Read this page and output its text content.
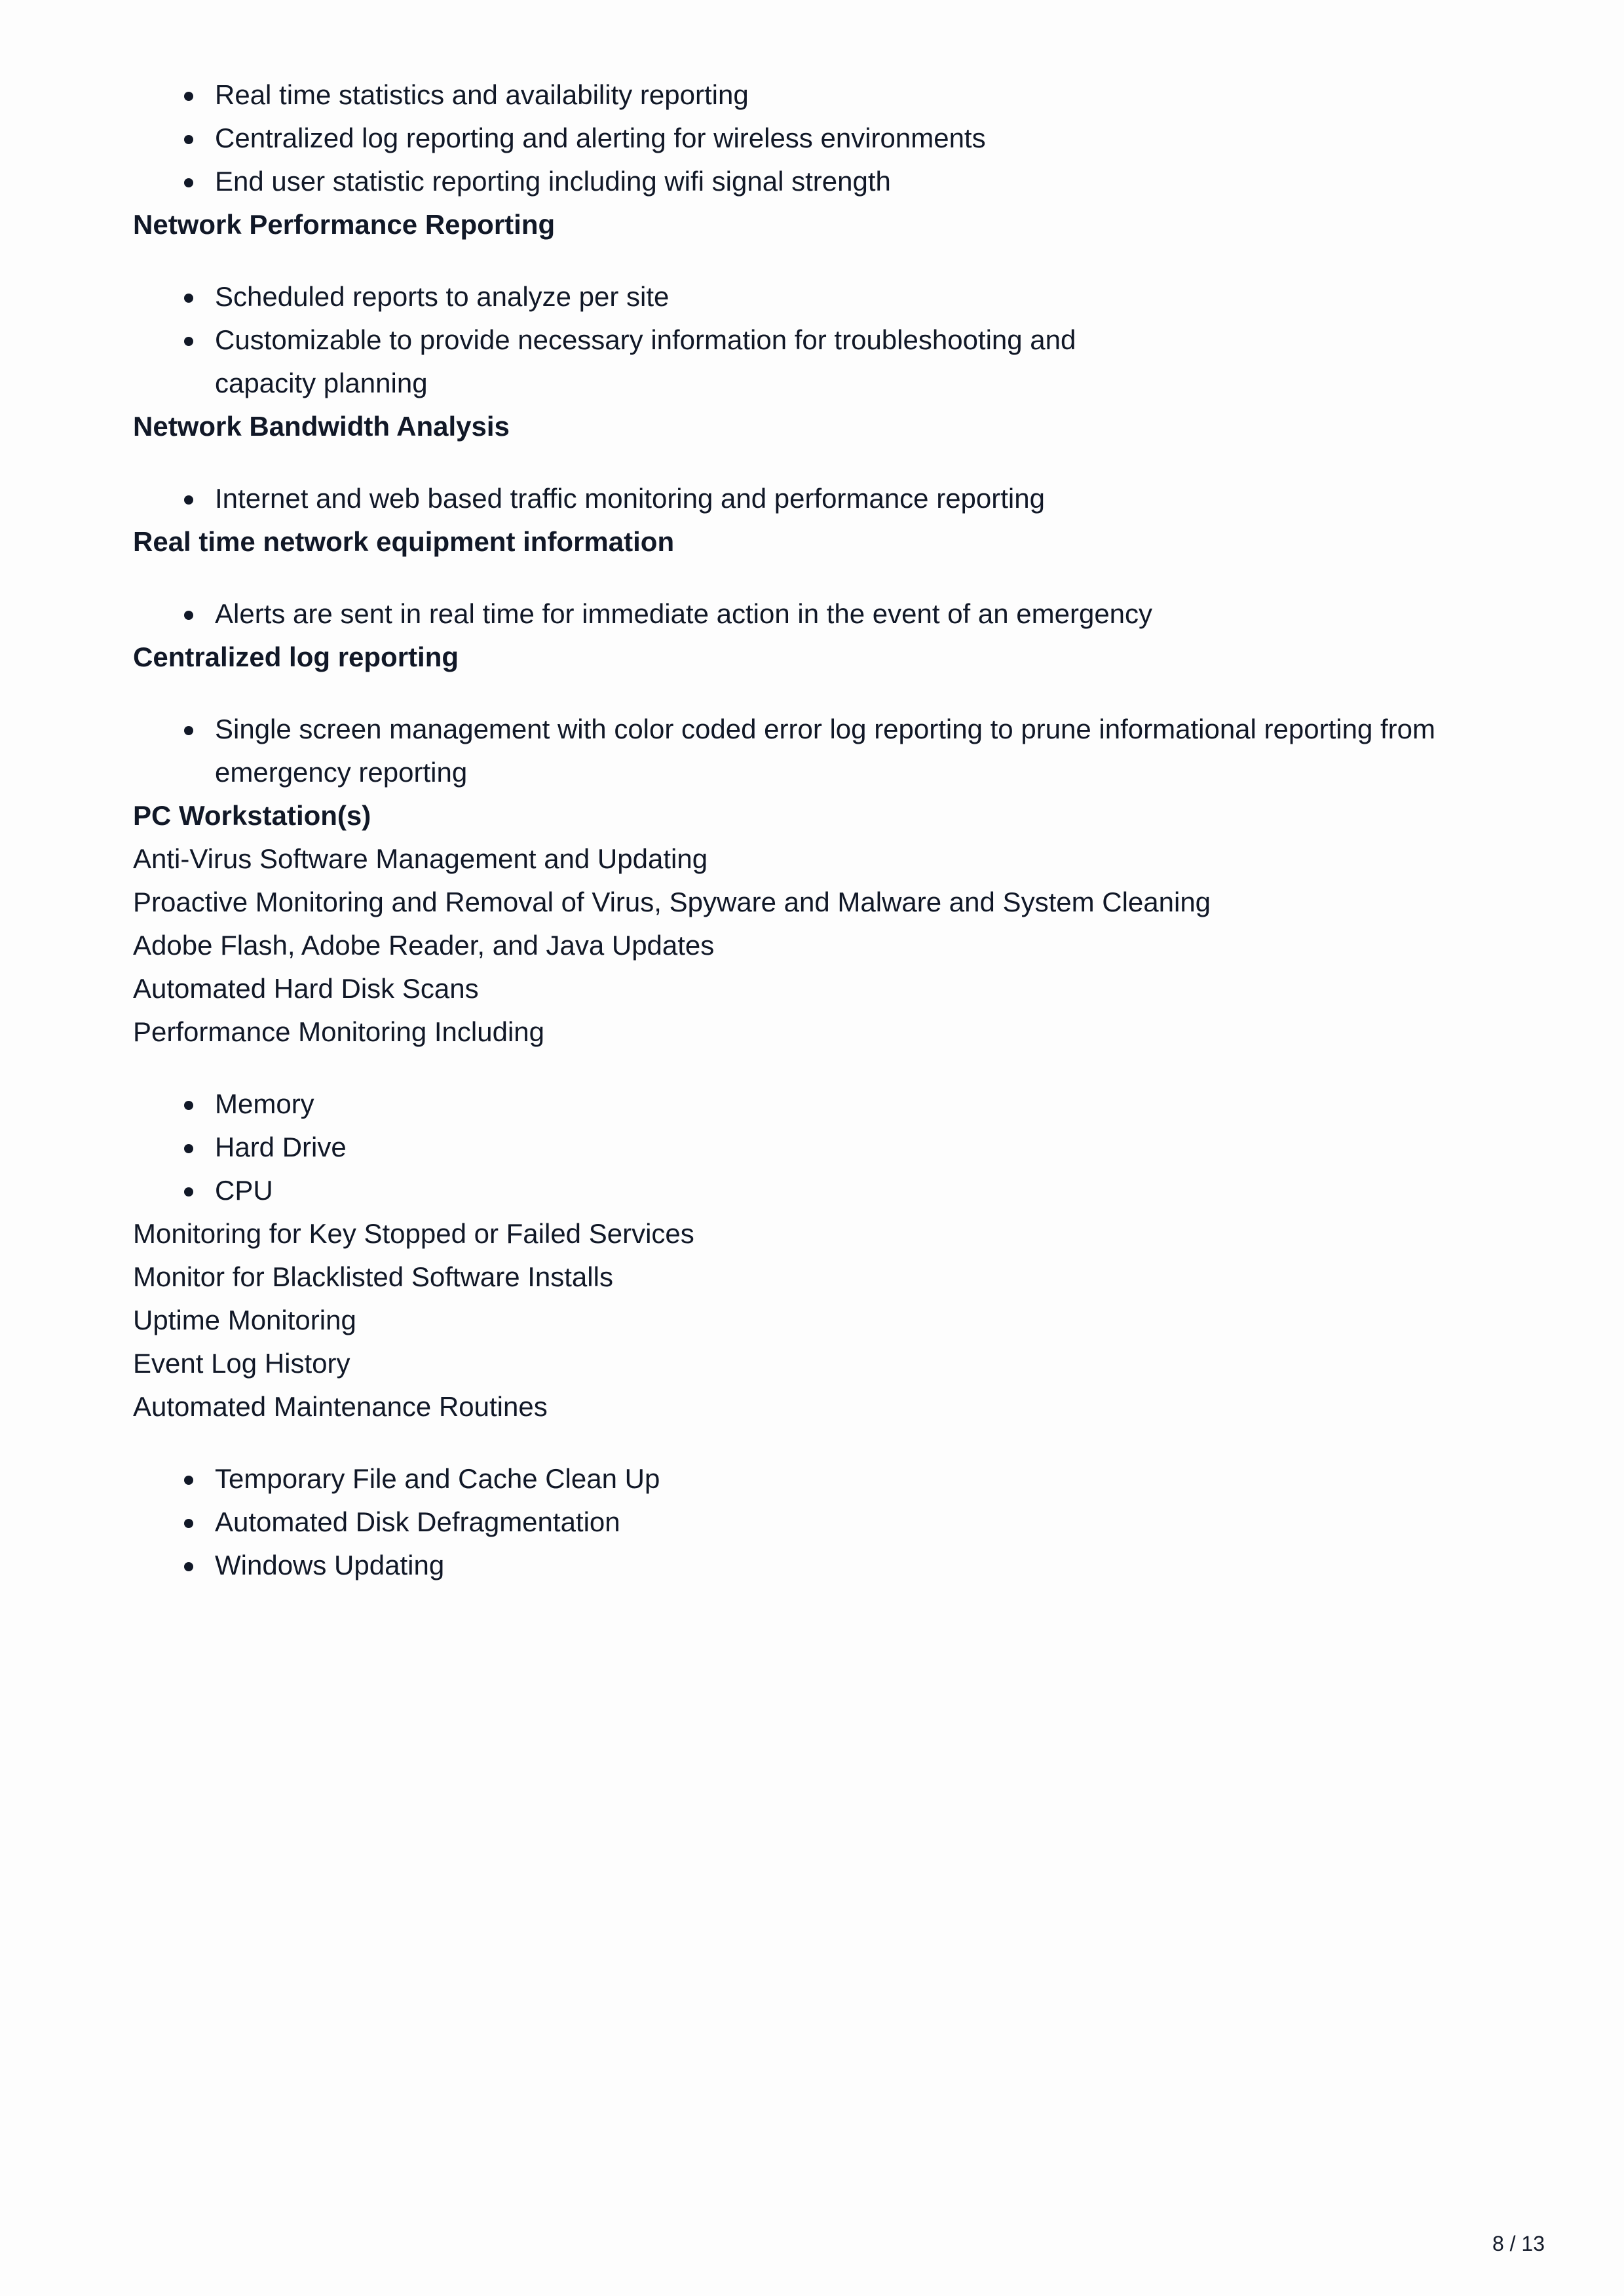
Real time statistics and availability reporting
Centralized log reporting and alerting for wireless environments
End user statistic reporting including wifi signal strength

Network Performance Reporting

Scheduled reports to analyze per site
Customizable to provide necessary information for troubleshooting and capacity planning

Network Bandwidth Analysis

Internet and web based traffic monitoring and performance reporting

Real time network equipment information

Alerts are sent in real time for immediate action in the event of an emergency

Centralized log reporting

Single screen management with color coded error log reporting to prune informational reporting from emergency reporting

PC Workstation(s)

Anti-Virus Software Management and Updating

Proactive Monitoring and Removal of Virus, Spyware and Malware and System Cleaning

Adobe Flash, Adobe Reader, and Java Updates

Automated Hard Disk Scans

Performance Monitoring Including

Memory
Hard Drive
CPU

Monitoring for Key Stopped or Failed Services

Monitor for Blacklisted Software Installs

Uptime Monitoring

Event Log History

Automated Maintenance Routines

Temporary File and Cache Clean Up
Automated Disk Defragmentation
Windows Updating
8 / 13
